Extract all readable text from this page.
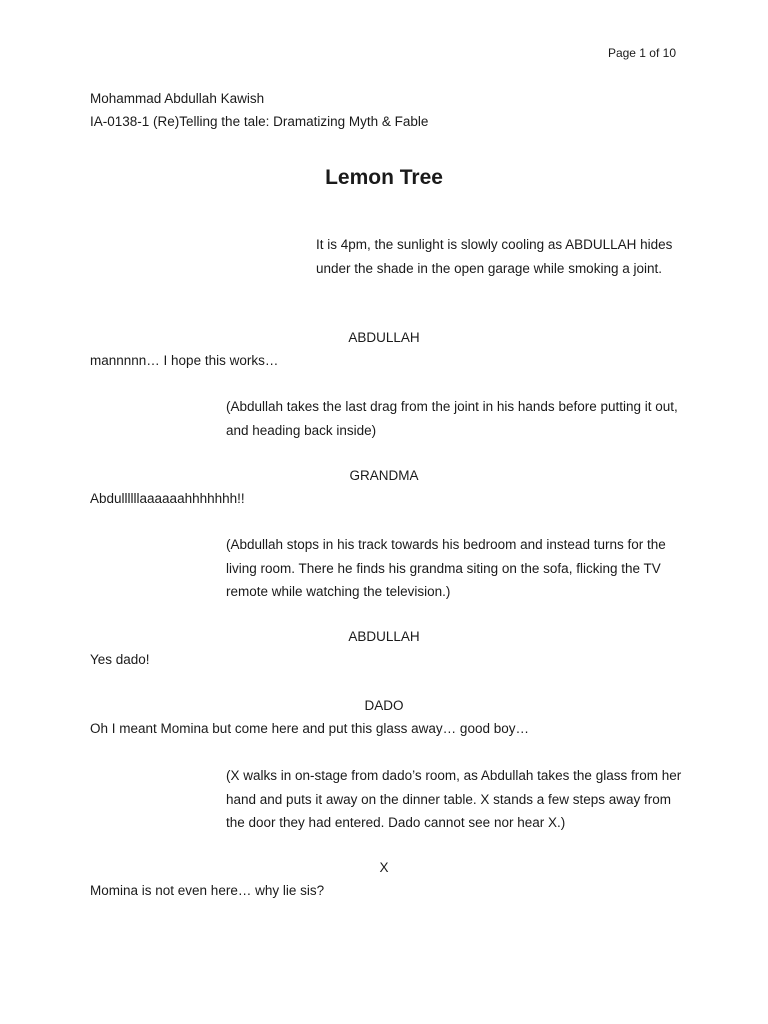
Page 1 of 10
Mohammad Abdullah Kawish
IA-0138-1 (Re)Telling the tale: Dramatizing Myth & Fable
Lemon Tree
It is 4pm, the sunlight is slowly cooling as ABDULLAH hides under the shade in the open garage while smoking a joint.
ABDULLAH
mannnnn… I hope this works…
(Abdullah takes the last drag from the joint in his hands before putting it out, and heading back inside)
GRANDMA
Abdullllllaaaaaahhhhhhh!!
(Abdullah stops in his track towards his bedroom and instead turns for the living room. There he finds his grandma siting on the sofa, flicking the TV remote while watching the television.)
ABDULLAH
Yes dado!
DADO
Oh I meant Momina but come here and put this glass away… good boy…
(X walks in on-stage from dado’s room, as Abdullah takes the glass from her hand and puts it away on the dinner table. X stands a few steps away from the door they had entered. Dado cannot see nor hear X.)
X
Momina is not even here… why lie sis?
